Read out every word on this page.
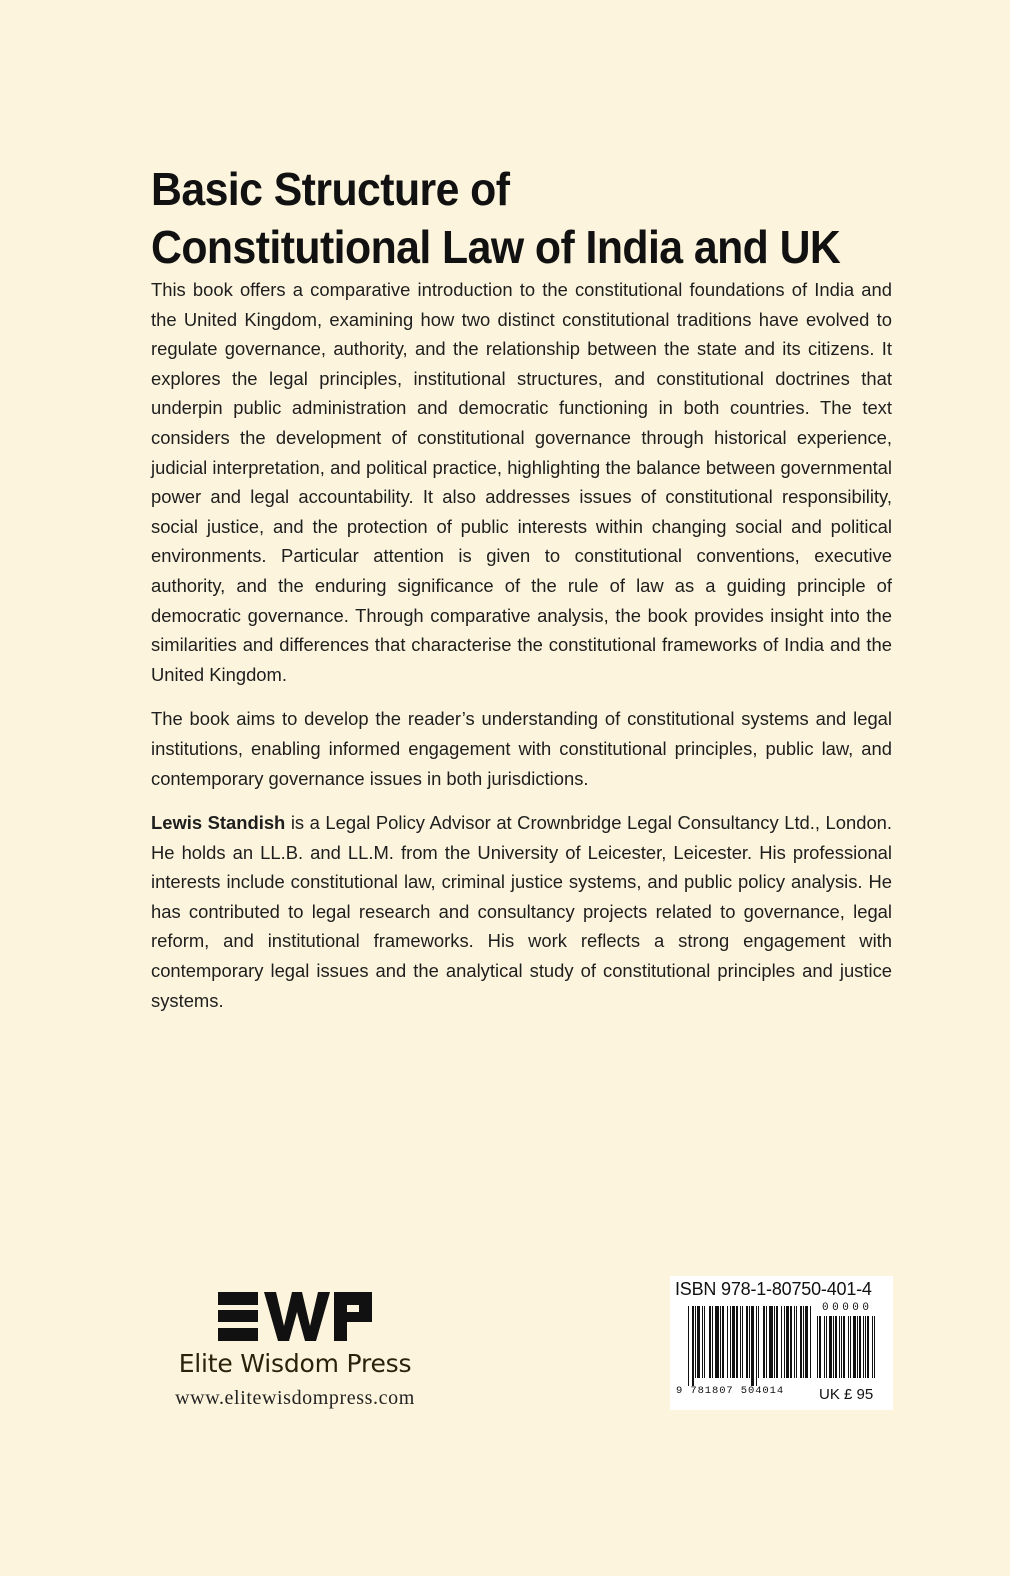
Basic Structure of
Constitutional Law of India and UK

This book offers a comparative introduction to the constitutional foundations of India and the United Kingdom, examining how two distinct constitutional traditions have evolved to regulate governance, authority, and the relationship between the state and its citizens. It explores the legal principles, institutional structures, and constitutional doctrines that underpin public administration and democratic functioning in both countries. The text considers the development of constitutional governance through historical experience, judicial interpretation, and political practice, highlighting the balance between governmental power and legal accountability. It also addresses issues of constitutional responsibility, social justice, and the protection of public interests within changing social and political environments. Particular attention is given to constitutional conventions, executive authority, and the enduring significance of the rule of law as a guiding principle of democratic governance. Through comparative analysis, the book provides insight into the similarities and differences that characterise the constitutional frameworks of India and the United Kingdom.

The book aims to develop the reader’s understanding of constitutional systems and legal institutions, enabling informed engagement with constitutional principles, public law, and contemporary governance issues in both jurisdictions.

Lewis Standish is a Legal Policy Advisor at Crownbridge Legal Consultancy Ltd., London. He holds an LL.B. and LL.M. from the University of Leicester, Leicester. His professional interests include constitutional law, criminal justice systems, and public policy analysis. He has contributed to legal research and consultancy projects related to governance, legal reform, and institutional frameworks. His work reflects a strong engagement with contemporary legal issues and the analytical study of constitutional principles and justice systems.

Elite Wisdom Press
www.elitewisdompress.com
ISBN 978-1-80750-401-4
00000
9 781807 504014 UK £ 95
